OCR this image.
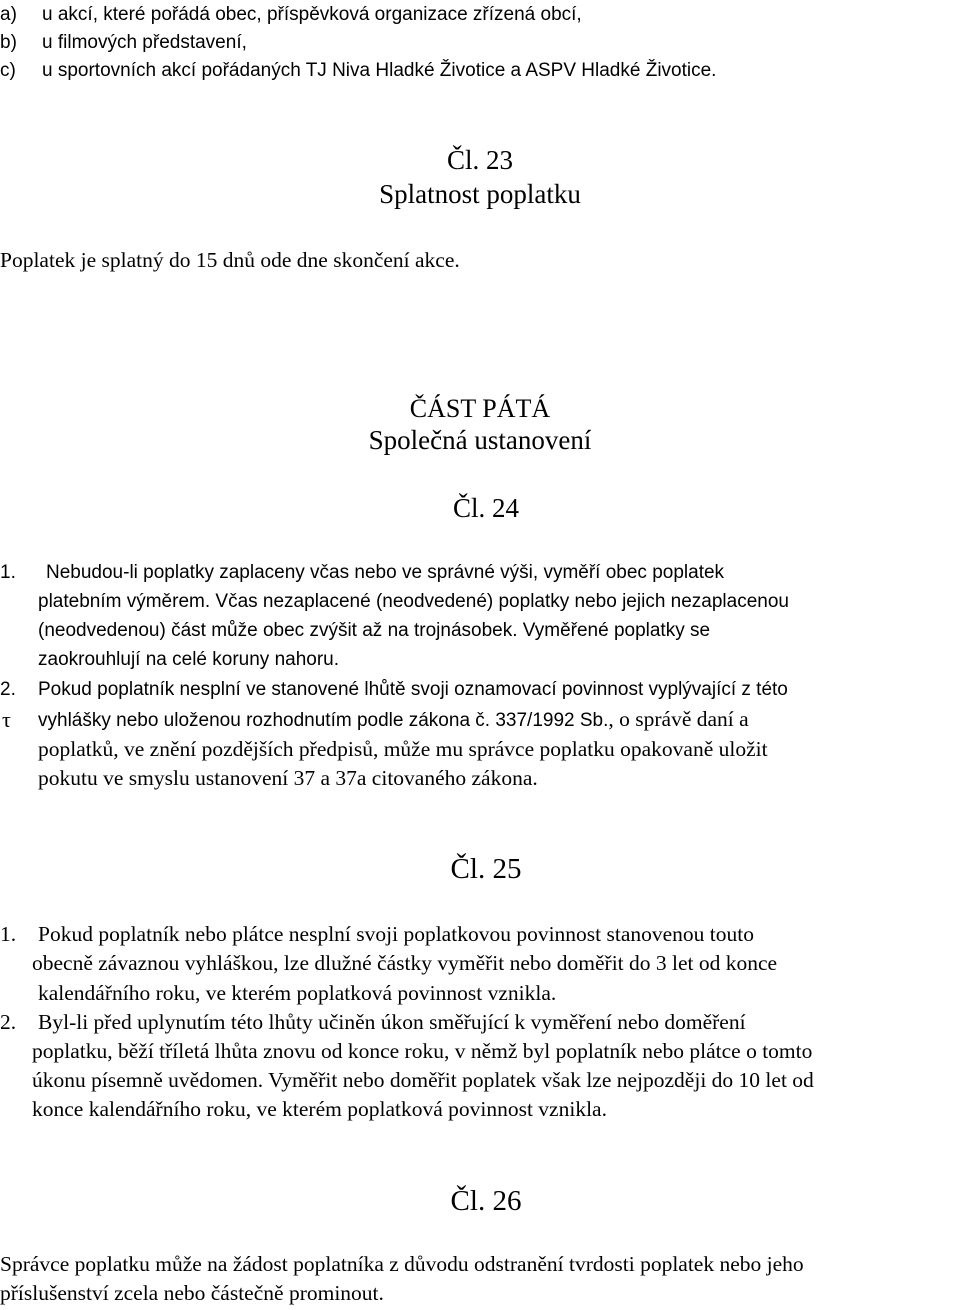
a) u akcí, které pořádá obec, příspěvková organizace zřízená obcí,
b) u filmových představení,
c) u sportovních akcí pořádaných TJ Niva Hladké Životice a ASPV Hladké Životice.
Čl. 23
Splatnost poplatku
Poplatek je splatný do 15 dnů ode dne skončení akce.
ČÁST PÁTÁ
Společná ustanovení
Čl. 24
1. Nebudou-li poplatky zaplaceny včas nebo ve správné výši, vyměří obec poplatek
platebním výměrem. Včas nezaplacené (neodvedené) poplatky nebo jejich nezaplacenou
(neodvedenou) část může obec zvýšit až na trojnásobek. Vyměřené poplatky se
zaokrouhlují na celé koruny nahoru.
2. Pokud poplatník nesplní ve stanovené lhůtě svoji oznamovací povinnost vyplývající z této
τ vyhlášky nebo uloženou rozhodnutím podle zákona č. 337/1992 Sb., o správě daní a
poplatků, ve znění pozdějších předpisů, může mu správce poplatku opakovaně uložit
pokutu ve smyslu ustanovení 37 a 37a citovaného zákona.
Čl. 25
1. Pokud poplatník nebo plátce nesplní svoji poplatkovou povinnost stanovenou touto
obecně závaznou vyhláškou, lze dlužné částky vyměřit nebo doměřit do 3 let od konce
kalendářního roku, ve kterém poplatková povinnost vznikla.
2. Byl-li před uplynutím této lhůty učiněn úkon směřující k vyměření nebo doměření
poplatku, běží tříletá lhůta znovu od konce roku, v němž byl poplatník nebo plátce o tomto
úkonu písemně uvědomen. Vyměřit nebo doměřit poplatek však lze nejpozději do 10 let od
konce kalendářního roku, ve kterém poplatková povinnost vznikla.
Čl. 26
Správce poplatku může na žádost poplatníka z důvodu odstranění tvrdosti poplatek nebo jeho
příslušenství zcela nebo částečně prominout.
